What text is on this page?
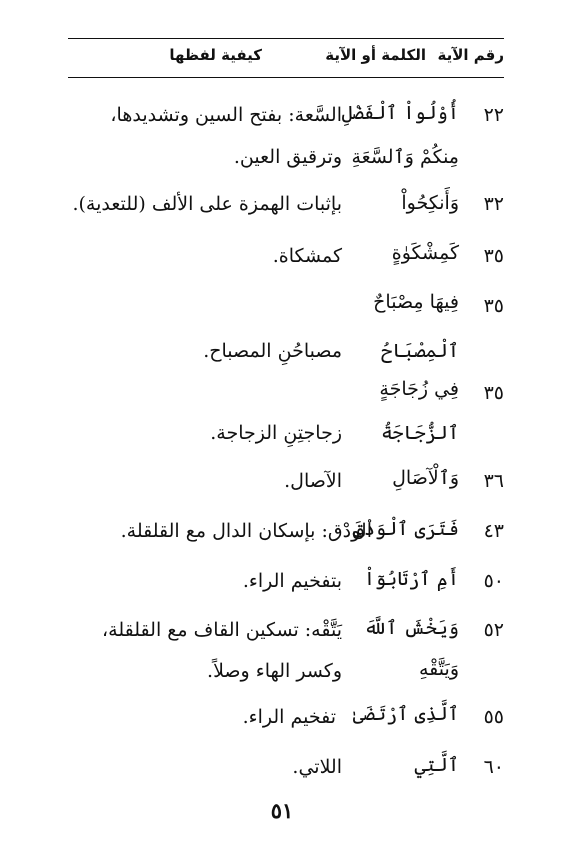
رقم الآية
الكلمة أو الآية
كيفية لفظها
٢٢
أُوْلُواْ ٱلْفَضْلِ
السَّعة: بفتح السين وتشديدها،
مِنكُمْ وَٱلسَّعَةِ
وترقيق العين.
٣٢
وَأَنكِحُواْ
بإثبات الهمزة على الألف (للتعدية).
٣٥
كَمِشْكَوٰةٍ
كمشكاة.
٣٥
فِيهَا مِصْبَاحٌ
ٱلْمِصْبَاحُ
مصباحُنِ المصباح.
٣٥
فِي زُجَاجَةٍ
ٱلزُّجَاجَةُ
زجاجتِنِ الزجاجة.
٣٦
وَٱلْآصَالِ
الآصال.
٤٣
فَتَرَى ٱلْوَدْقَ
الودْق: بإسكان الدال مع القلقلة.
٥٠
أَمِ ٱرْتَابُوٓاْ
بتفخيم الراء.
٥٢
وَيَخْشَ ٱللَّهَ
يَتَّقْه: تسكين القاف مع القلقلة،
وَيَتَّقْهِ
وكسر الهاء وصلاً.
٥٥
ٱلَّذِى ٱرْتَضَىٰ
تفخيم الراء.
٦٠
ٱلَّتِي
اللاتي.
٥١
